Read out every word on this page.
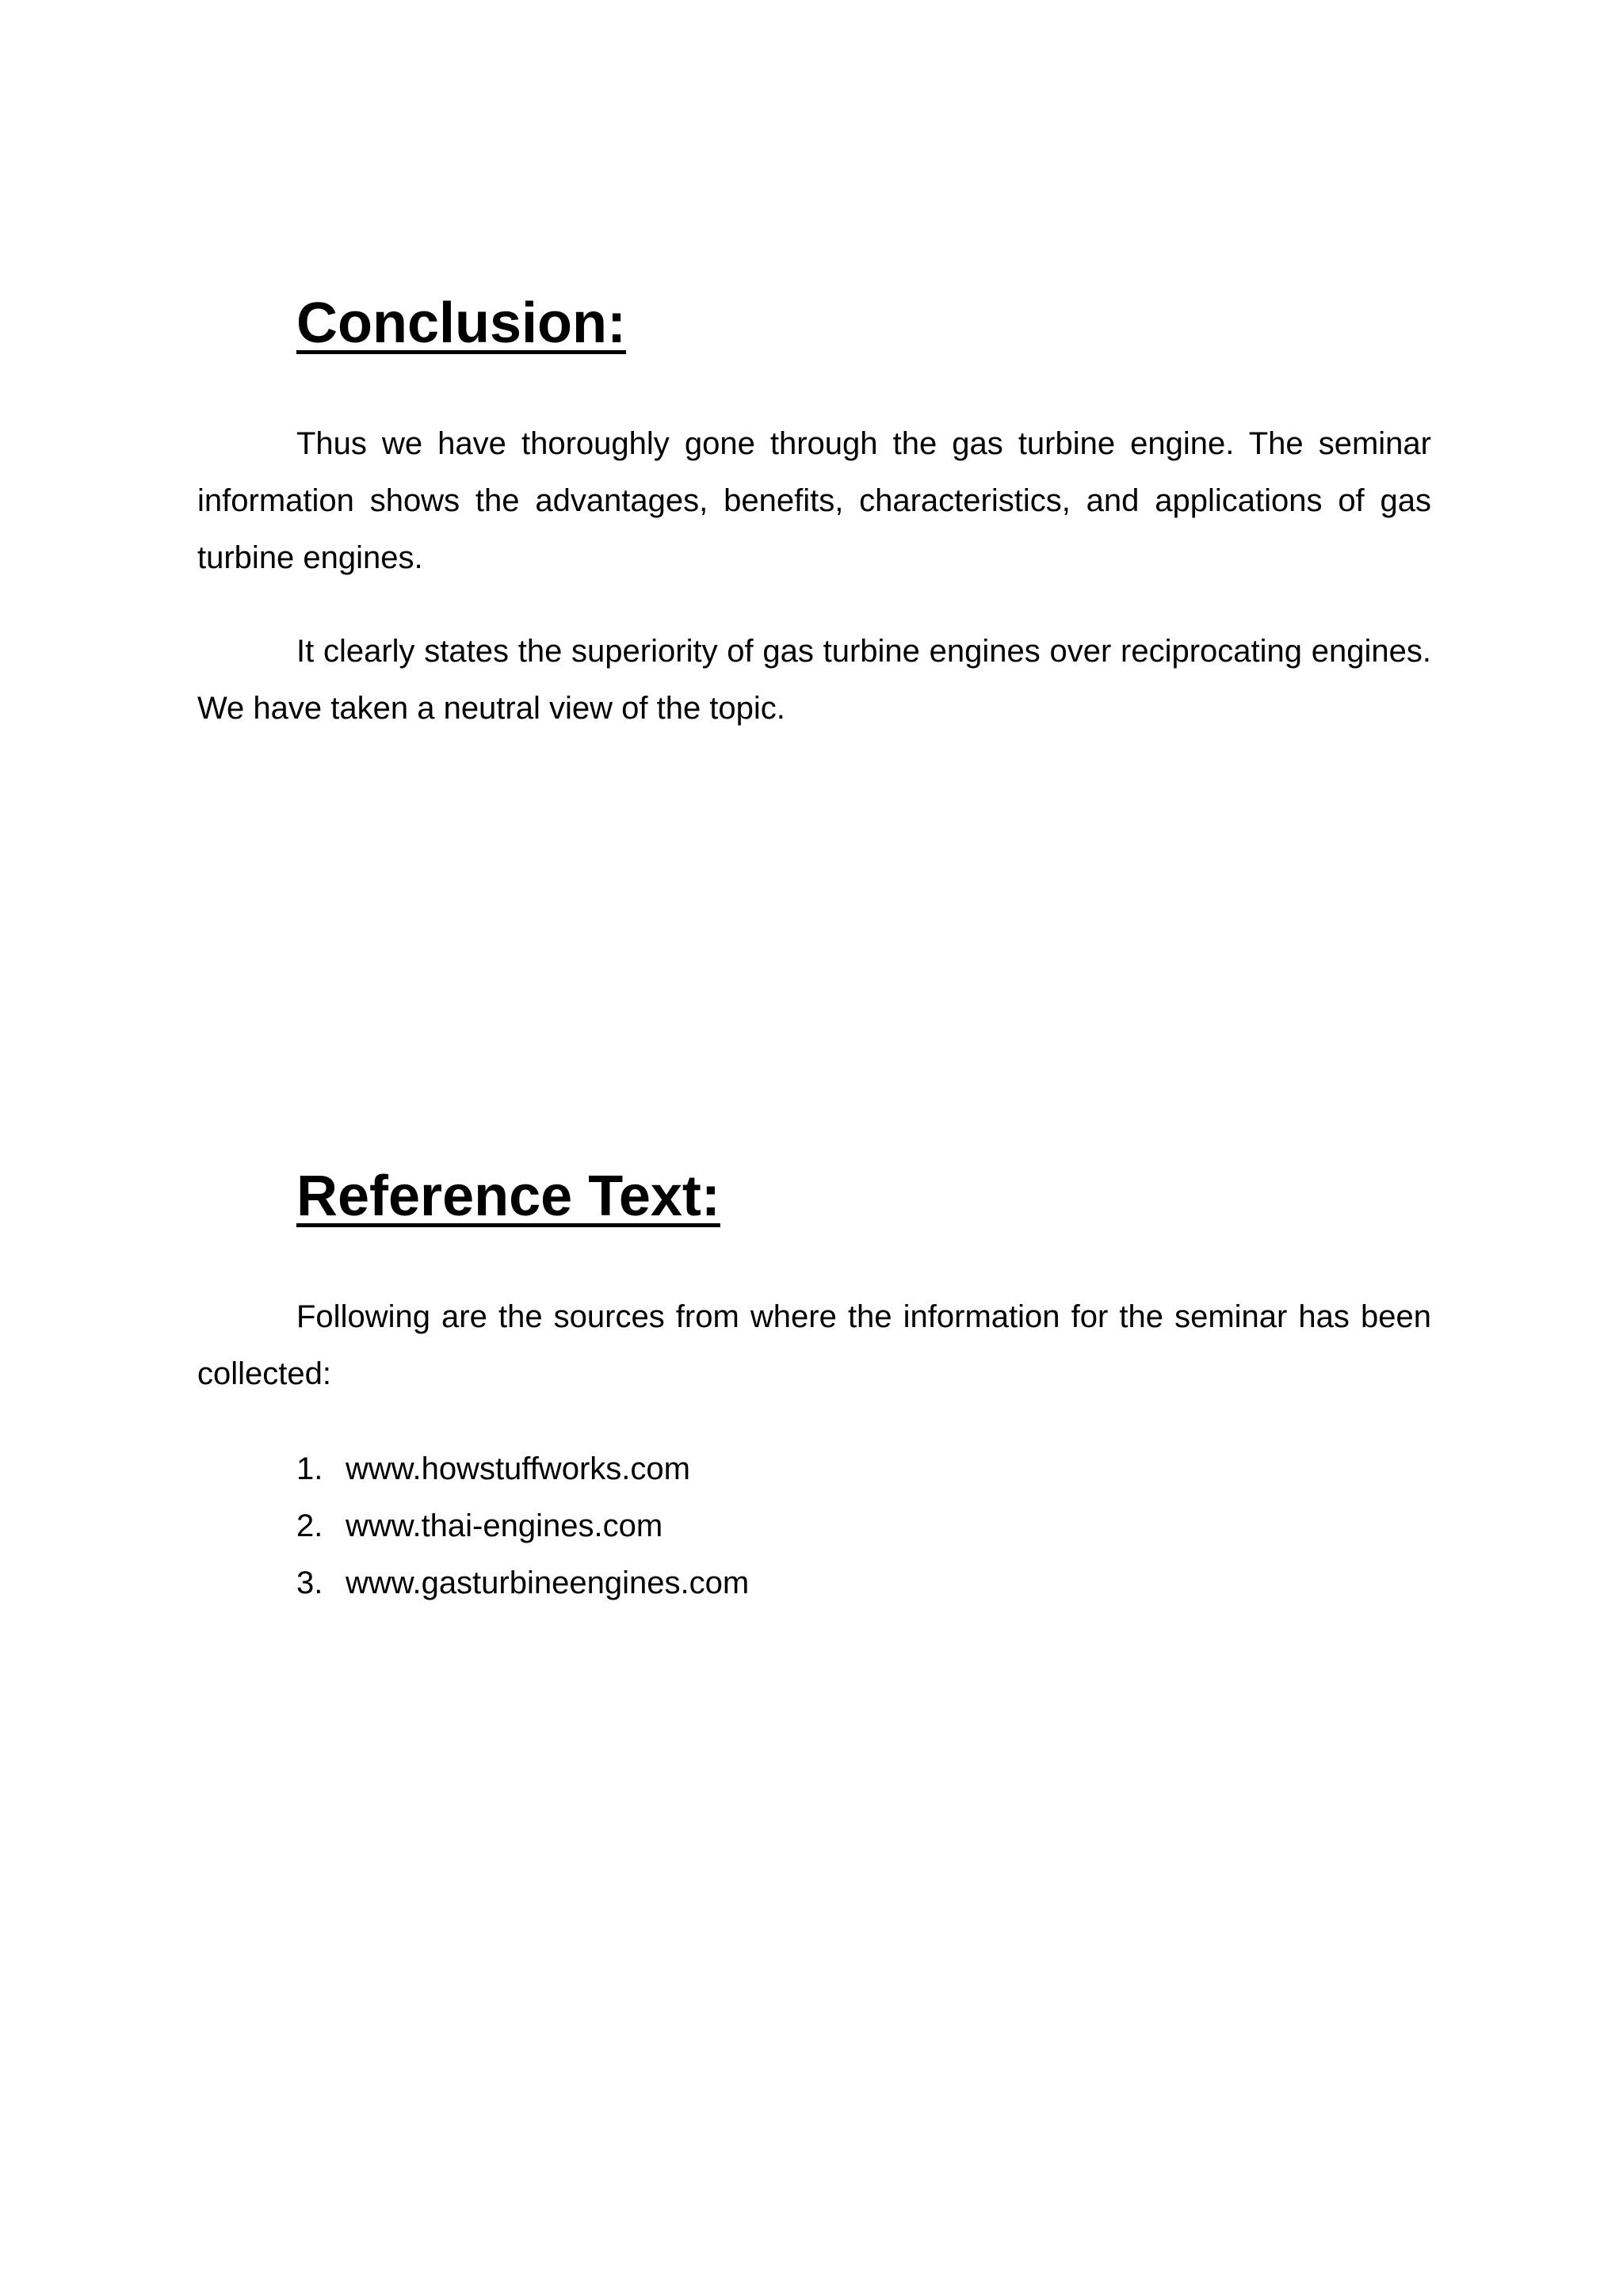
Conclusion:

Thus we have thoroughly gone through the gas turbine engine. The seminar information shows the advantages, benefits, characteristics, and applications of gas turbine engines.

It clearly states the superiority of gas turbine engines over reciprocating engines. We have taken a neutral view of the topic.

Reference Text:

Following are the sources from where the information for the seminar has been collected:

1. www.howstuffworks.com
2. www.thai-engines.com
3. www.gasturbineengines.com
